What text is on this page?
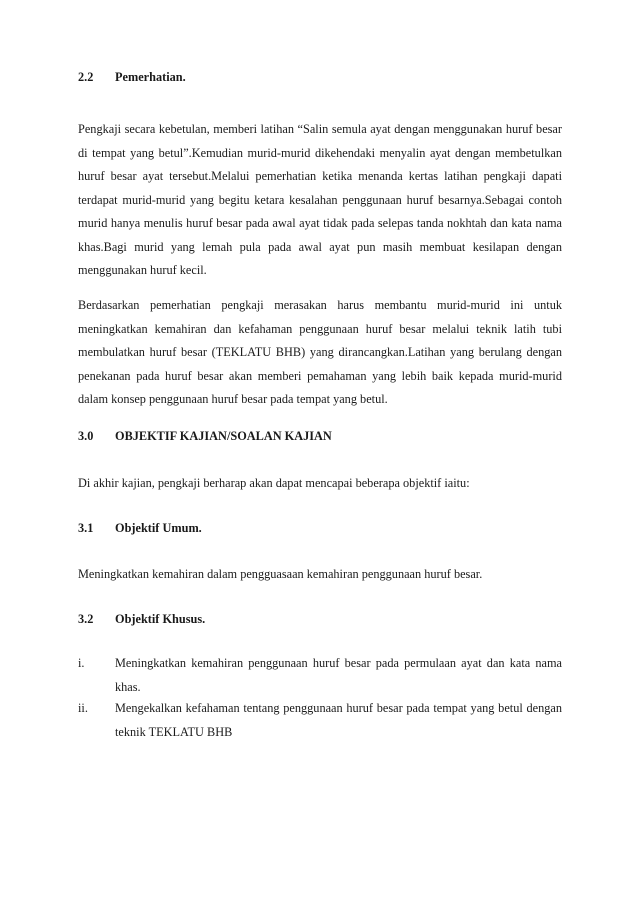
2.2 Pemerhatian.
Pengkaji secara kebetulan, memberi latihan “Salin semula ayat dengan menggunakan huruf besar di tempat yang betul”.Kemudian murid-murid dikehendaki menyalin ayat dengan membetulkan huruf besar ayat tersebut.Melalui pemerhatian ketika menanda kertas latihan pengkaji dapati terdapat murid-murid yang begitu ketara kesalahan penggunaan huruf besarnya.Sebagai contoh murid hanya menulis huruf besar pada awal ayat tidak pada selepas tanda nokhtah dan kata nama khas.Bagi murid yang lemah pula pada awal ayat pun masih membuat kesilapan dengan menggunakan huruf kecil.
Berdasarkan pemerhatian pengkaji merasakan harus membantu murid-murid ini untuk meningkatkan kemahiran dan kefahaman penggunaan huruf besar melalui teknik latih tubi membulatkan huruf besar (TEKLATU BHB) yang dirancangkan.Latihan yang berulang dengan penekanan pada huruf besar akan memberi pemahaman yang lebih baik kepada murid-murid dalam konsep penggunaan huruf besar pada tempat yang betul.
3.0 OBJEKTIF KAJIAN/SOALAN KAJIAN
Di akhir kajian, pengkaji berharap akan dapat mencapai beberapa objektif iaitu:
3.1 Objektif Umum.
Meningkatkan kemahiran dalam pengguasaan kemahiran penggunaan huruf besar.
3.2 Objektif Khusus.
i. Meningkatkan kemahiran penggunaan huruf besar pada permulaan ayat dan kata nama khas.
ii. Mengekalkan kefahaman tentang penggunaan huruf besar pada tempat yang betul dengan teknik TEKLATU BHB
